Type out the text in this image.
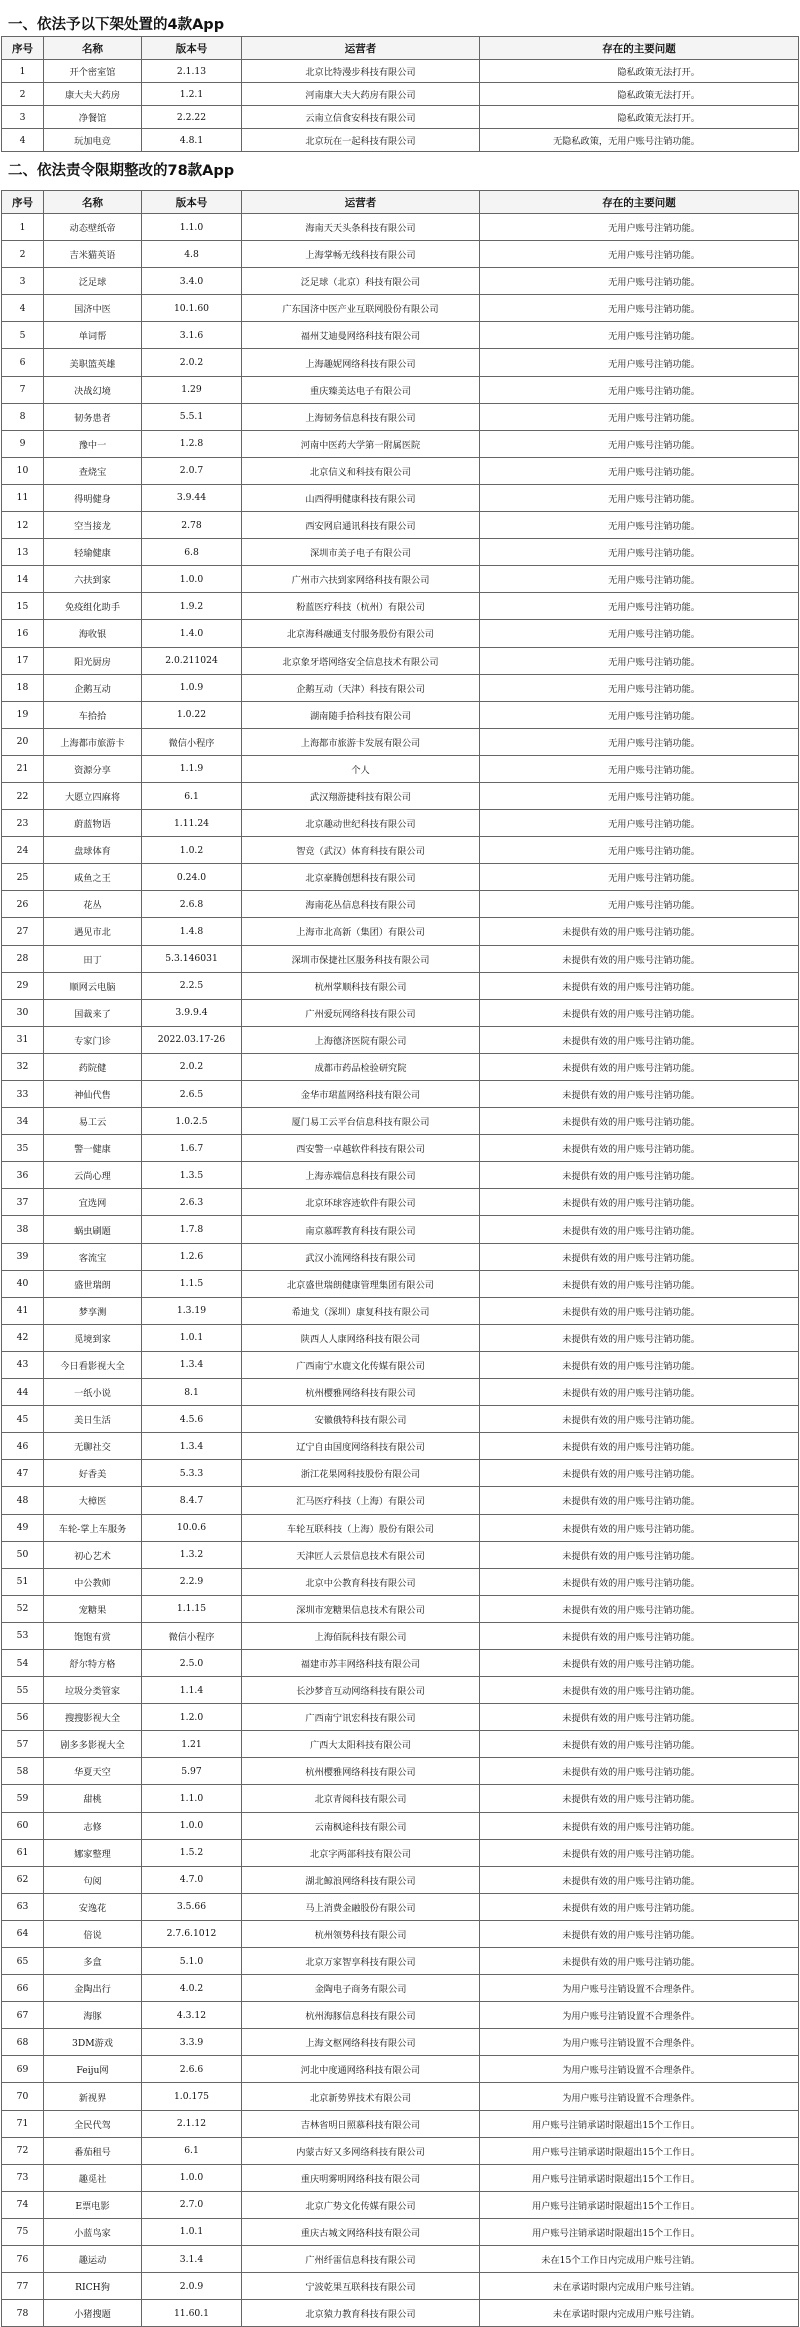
一、依法予以下架处置的4款App
序号	名称	版本号	运营者	存在的主要问题
1	开个密室馆	2.1.13	北京比特漫步科技有限公司	隐私政策无法打开。
2	康大夫大药房	1.2.1	河南康大夫大药房有限公司	隐私政策无法打开。
3	净餐馆	2.2.22	云南立信食安科技有限公司	隐私政策无法打开。
4	玩加电竞	4.8.1	北京玩在一起科技有限公司	无隐私政策，无用户账号注销功能。
二、依法责令限期整改的78款App
序号	名称	版本号	运营者	存在的主要问题
1	动态壁纸帝	1.1.0	海南天天头条科技有限公司	无用户账号注销功能。
2	吉米猫英语	4.8	上海掌畅无线科技有限公司	无用户账号注销功能。
3	泛足球	3.4.0	泛足球（北京）科技有限公司	无用户账号注销功能。
4	国济中医	10.1.60	广东国济中医产业互联网股份有限公司	无用户账号注销功能。
5	单词帮	3.1.6	福州艾迪曼网络科技有限公司	无用户账号注销功能。
6	美职篮英雄	2.0.2	上海趣妮网络科技有限公司	无用户账号注销功能。
7	决战幻境	1.29	重庆臻美达电子有限公司	无用户账号注销功能。
8	韧务患者	5.5.1	上海韧务信息科技有限公司	无用户账号注销功能。
9	豫中一	1.2.8	河南中医药大学第一附属医院	无用户账号注销功能。
10	查烧宝	2.0.7	北京信义和科技有限公司	无用户账号注销功能。
11	得明健身	3.9.44	山西得明健康科技有限公司	无用户账号注销功能。
12	空当接龙	2.78	西安网启通讯科技有限公司	无用户账号注销功能。
13	轻瑜健康	6.8	深圳市美子电子有限公司	无用户账号注销功能。
14	六扶到家	1.0.0	广州市六扶到家网络科技有限公司	无用户账号注销功能。
15	免疫组化助手	1.9.2	粉蓝医疗科技（杭州）有限公司	无用户账号注销功能。
16	海收银	1.4.0	北京海科融通支付服务股份有限公司	无用户账号注销功能。
17	阳光厨房	2.0.211024	北京象牙塔网络安全信息技术有限公司	无用户账号注销功能。
18	企鹅互动	1.0.9	企鹅互动（天津）科技有限公司	无用户账号注销功能。
19	车拾拾	1.0.22	湖南随手拾科技有限公司	无用户账号注销功能。
20	上海都市旅游卡	微信小程序	上海都市旅游卡发展有限公司	无用户账号注销功能。
21	资源分享	1.1.9	个人	无用户账号注销功能。
22	大愿立四麻将	6.1	武汉翔游捷科技有限公司	无用户账号注销功能。
23	蔚蓝物语	1.11.24	北京趣动世纪科技有限公司	无用户账号注销功能。
24	盘球体育	1.0.2	智竞（武汉）体育科技有限公司	无用户账号注销功能。
25	咸鱼之王	0.24.0	北京豪腾创想科技有限公司	无用户账号注销功能。
26	花丛	2.6.8	海南花丛信息科技有限公司	无用户账号注销功能。
27	遇见市北	1.4.8	上海市北高新（集团）有限公司	未提供有效的用户账号注销功能。
28	田丁	5.3.146031	深圳市保捷社区服务科技有限公司	未提供有效的用户账号注销功能。
29	顺网云电脑	2.2.5	杭州掌顺科技有限公司	未提供有效的用户账号注销功能。
30	国裁来了	3.9.9.4	广州爱玩网络科技有限公司	未提供有效的用户账号注销功能。
31	专家门诊	2022.03.17-26	上海德济医院有限公司	未提供有效的用户账号注销功能。
32	药院健	2.0.2	成都市药品检验研究院	未提供有效的用户账号注销功能。
33	神仙代售	2.6.5	金华市珺蓝网络科技有限公司	未提供有效的用户账号注销功能。
34	易工云	1.0.2.5	厦门易工云平台信息科技有限公司	未提供有效的用户账号注销功能。
35	警一健康	1.6.7	西安警一卓越软件科技有限公司	未提供有效的用户账号注销功能。
36	云尚心理	1.3.5	上海赤端信息科技有限公司	未提供有效的用户账号注销功能。
37	宜选网	2.6.3	北京环球容迹软件有限公司	未提供有效的用户账号注销功能。
38	蜗虫刷题	1.7.8	南京慕晖教育科技有限公司	未提供有效的用户账号注销功能。
39	客流宝	1.2.6	武汉小流网络科技有限公司	未提供有效的用户账号注销功能。
40	盛世瑞朗	1.1.5	北京盛世瑞朗健康管理集团有限公司	未提供有效的用户账号注销功能。
41	梦享测	1.3.19	希迪戈（深圳）康复科技有限公司	未提供有效的用户账号注销功能。
42	觅境到家	1.0.1	陕西人人康网络科技有限公司	未提供有效的用户账号注销功能。
43	今日看影视大全	1.3.4	广西南宁水鹿文化传媒有限公司	未提供有效的用户账号注销功能。
44	一纸小说	8.1	杭州樱雅网络科技有限公司	未提供有效的用户账号注销功能。
45	美日生活	4.5.6	安徽俄特科技有限公司	未提供有效的用户账号注销功能。
46	无聊社交	1.3.4	辽宁自由国度网络科技有限公司	未提供有效的用户账号注销功能。
47	好香美	5.3.3	浙江花果网科技股份有限公司	未提供有效的用户账号注销功能。
48	大樟医	8.4.7	汇马医疗科技（上海）有限公司	未提供有效的用户账号注销功能。
49	车轮-掌上车服务	10.0.6	车轮互联科技（上海）股份有限公司	未提供有效的用户账号注销功能。
50	初心艺术	1.3.2	天津匠人云景信息技术有限公司	未提供有效的用户账号注销功能。
51	中公教师	2.2.9	北京中公教育科技有限公司	未提供有效的用户账号注销功能。
52	宠糖果	1.1.15	深圳市宠糖果信息技术有限公司	未提供有效的用户账号注销功能。
53	饱饱有赏	微信小程序	上海佰阮科技有限公司	未提供有效的用户账号注销功能。
54	舒尔特方格	2.5.0	福建市苏丰网络科技有限公司	未提供有效的用户账号注销功能。
55	垃圾分类管家	1.1.4	长沙梦音互动网络科技有限公司	未提供有效的用户账号注销功能。
56	搜搜影视大全	1.2.0	广西南宁讯宏科技有限公司	未提供有效的用户账号注销功能。
57	剧多多影视大全	1.21	广西大太阳科技有限公司	未提供有效的用户账号注销功能。
58	华夏天空	5.97	杭州樱雅网络科技有限公司	未提供有效的用户账号注销功能。
59	甜桃	1.1.0	北京青阅科技有限公司	未提供有效的用户账号注销功能。
60	志修	1.0.0	云南枫途科技有限公司	未提供有效的用户账号注销功能。
61	娜家整理	1.5.2	北京字两部科技有限公司	未提供有效的用户账号注销功能。
62	句阅	4.7.0	湖北鲸浪网络科技有限公司	未提供有效的用户账号注销功能。
63	安逸花	3.5.66	马上消费金融股份有限公司	未提供有效的用户账号注销功能。
64	倍说	2.7.6.1012	杭州领势科技有限公司	未提供有效的用户账号注销功能。
65	多盒	5.1.0	北京万家智享科技有限公司	未提供有效的用户账号注销功能。
66	金陶出行	4.0.2	金陶电子商务有限公司	为用户账号注销设置不合理条件。
67	海豚	4.3.12	杭州海豚信息科技有限公司	为用户账号注销设置不合理条件。
68	3DM游戏	3.3.9	上海文枢网络科技有限公司	为用户账号注销设置不合理条件。
69	Feiju网	2.6.6	河北中度通网络科技有限公司	为用户账号注销设置不合理条件。
70	新视界	1.0.175	北京新势界技术有限公司	为用户账号注销设置不合理条件。
71	全民代驾	2.1.12	吉林省明日照慕科技有限公司	用户账号注销承诺时限超出15个工作日。
72	番茄租号	6.1	内蒙古好又多网络科技有限公司	用户账号注销承诺时限超出15个工作日。
73	趣觅社	1.0.0	重庆明雾明网络科技有限公司	用户账号注销承诺时限超出15个工作日。
74	E票电影	2.7.0	北京广势文化传媒有限公司	用户账号注销承诺时限超出15个工作日。
75	小蓝鸟家	1.0.1	重庆古城文网络科技有限公司	用户账号注销承诺时限超出15个工作日。
76	趣运动	3.1.4	广州纤雷信息科技有限公司	未在15个工作日内完成用户账号注销。
77	RICH狗	2.0.9	宁波乾果互联科技有限公司	未在承诺时限内完成用户账号注销。
78	小猪搜题	11.60.1	北京猿力教育科技有限公司	未在承诺时限内完成用户账号注销。
